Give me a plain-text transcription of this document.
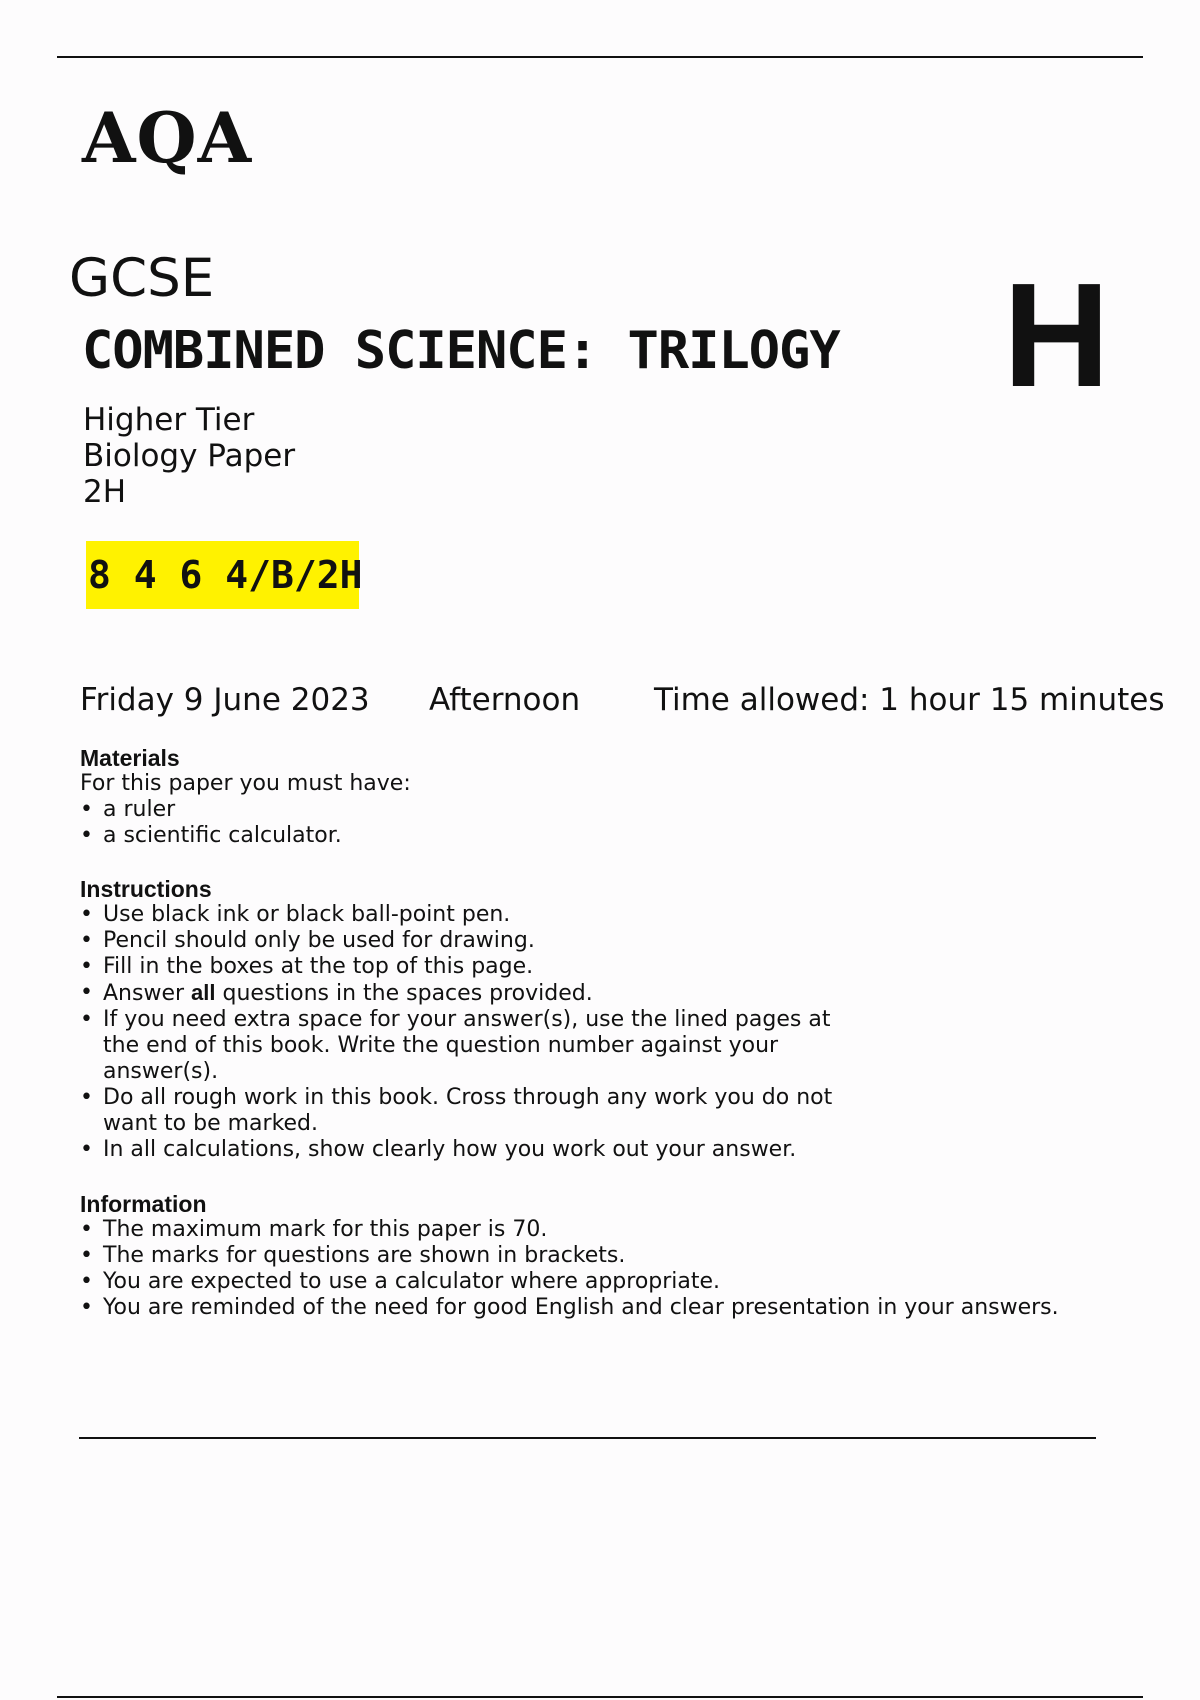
AQA
GCSE
COMBINED SCIENCE: TRILOGY H
Higher Tier
Biology Paper
2H
8 4 6 4/B/2H
Friday 9 June 2023 Afternoon Time allowed: 1 hour 15 minutes
Materials
For this paper you must have:
• a ruler
• a scientific calculator.
Instructions
• Use black ink or black ball-point pen.
• Pencil should only be used for drawing.
• Fill in the boxes at the top of this page.
• Answer all questions in the spaces provided.
• If you need extra space for your answer(s), use the lined pages at the end of this book. Write the question number against your answer(s).
• Do all rough work in this book. Cross through any work you do not want to be marked.
• In all calculations, show clearly how you work out your answer.
Information
• The maximum mark for this paper is 70.
• The marks for questions are shown in brackets.
• You are expected to use a calculator where appropriate.
• You are reminded of the need for good English and clear presentation in your answers.
